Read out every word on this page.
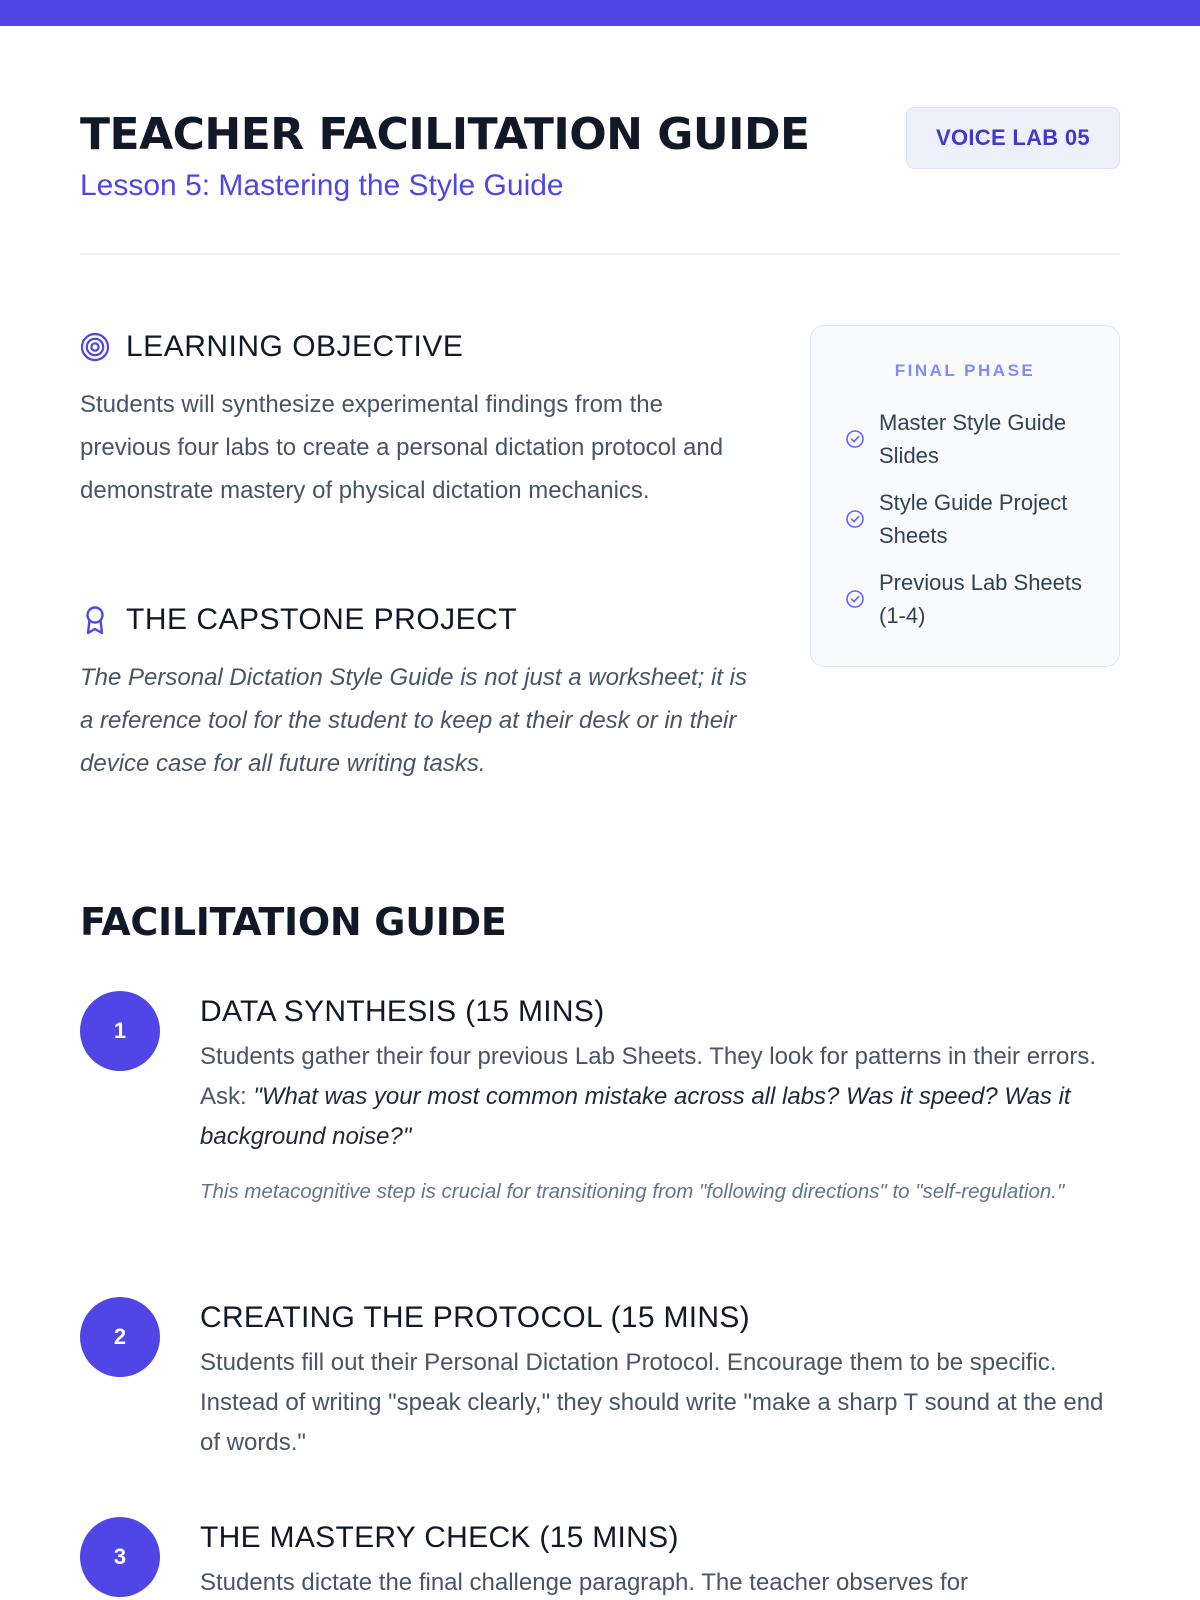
TEACHER FACILITATION GUIDE
Lesson 5: Mastering the Style Guide
VOICE LAB 05
LEARNING OBJECTIVE

Students will synthesize experimental findings from the previous four labs to create a personal dictation protocol and demonstrate mastery of physical dictation mechanics.

THE CAPSTONE PROJECT

The Personal Dictation Style Guide is not just a worksheet; it is a reference tool for the student to keep at their desk or in their device case for all future writing tasks.

FINAL PHASE
Master Style Guide Slides
Style Guide Project Sheets
Previous Lab Sheets (1-4)
FACILITATION GUIDE
1
DATA SYNTHESIS (15 MINS)

Students gather their four previous Lab Sheets. They look for patterns in their errors. Ask: "What was your most common mistake across all labs? Was it speed? Was it background noise?"

This metacognitive step is crucial for transitioning from "following directions" to "self-regulation."

2
CREATING THE PROTOCOL (15 MINS)

Students fill out their Personal Dictation Protocol. Encourage them to be specific. Instead of writing "speak clearly," they should write "make a sharp T sound at the end of words."

3
THE MASTERY CHECK (15 MINS)

Students dictate the final challenge paragraph. The teacher observes for
